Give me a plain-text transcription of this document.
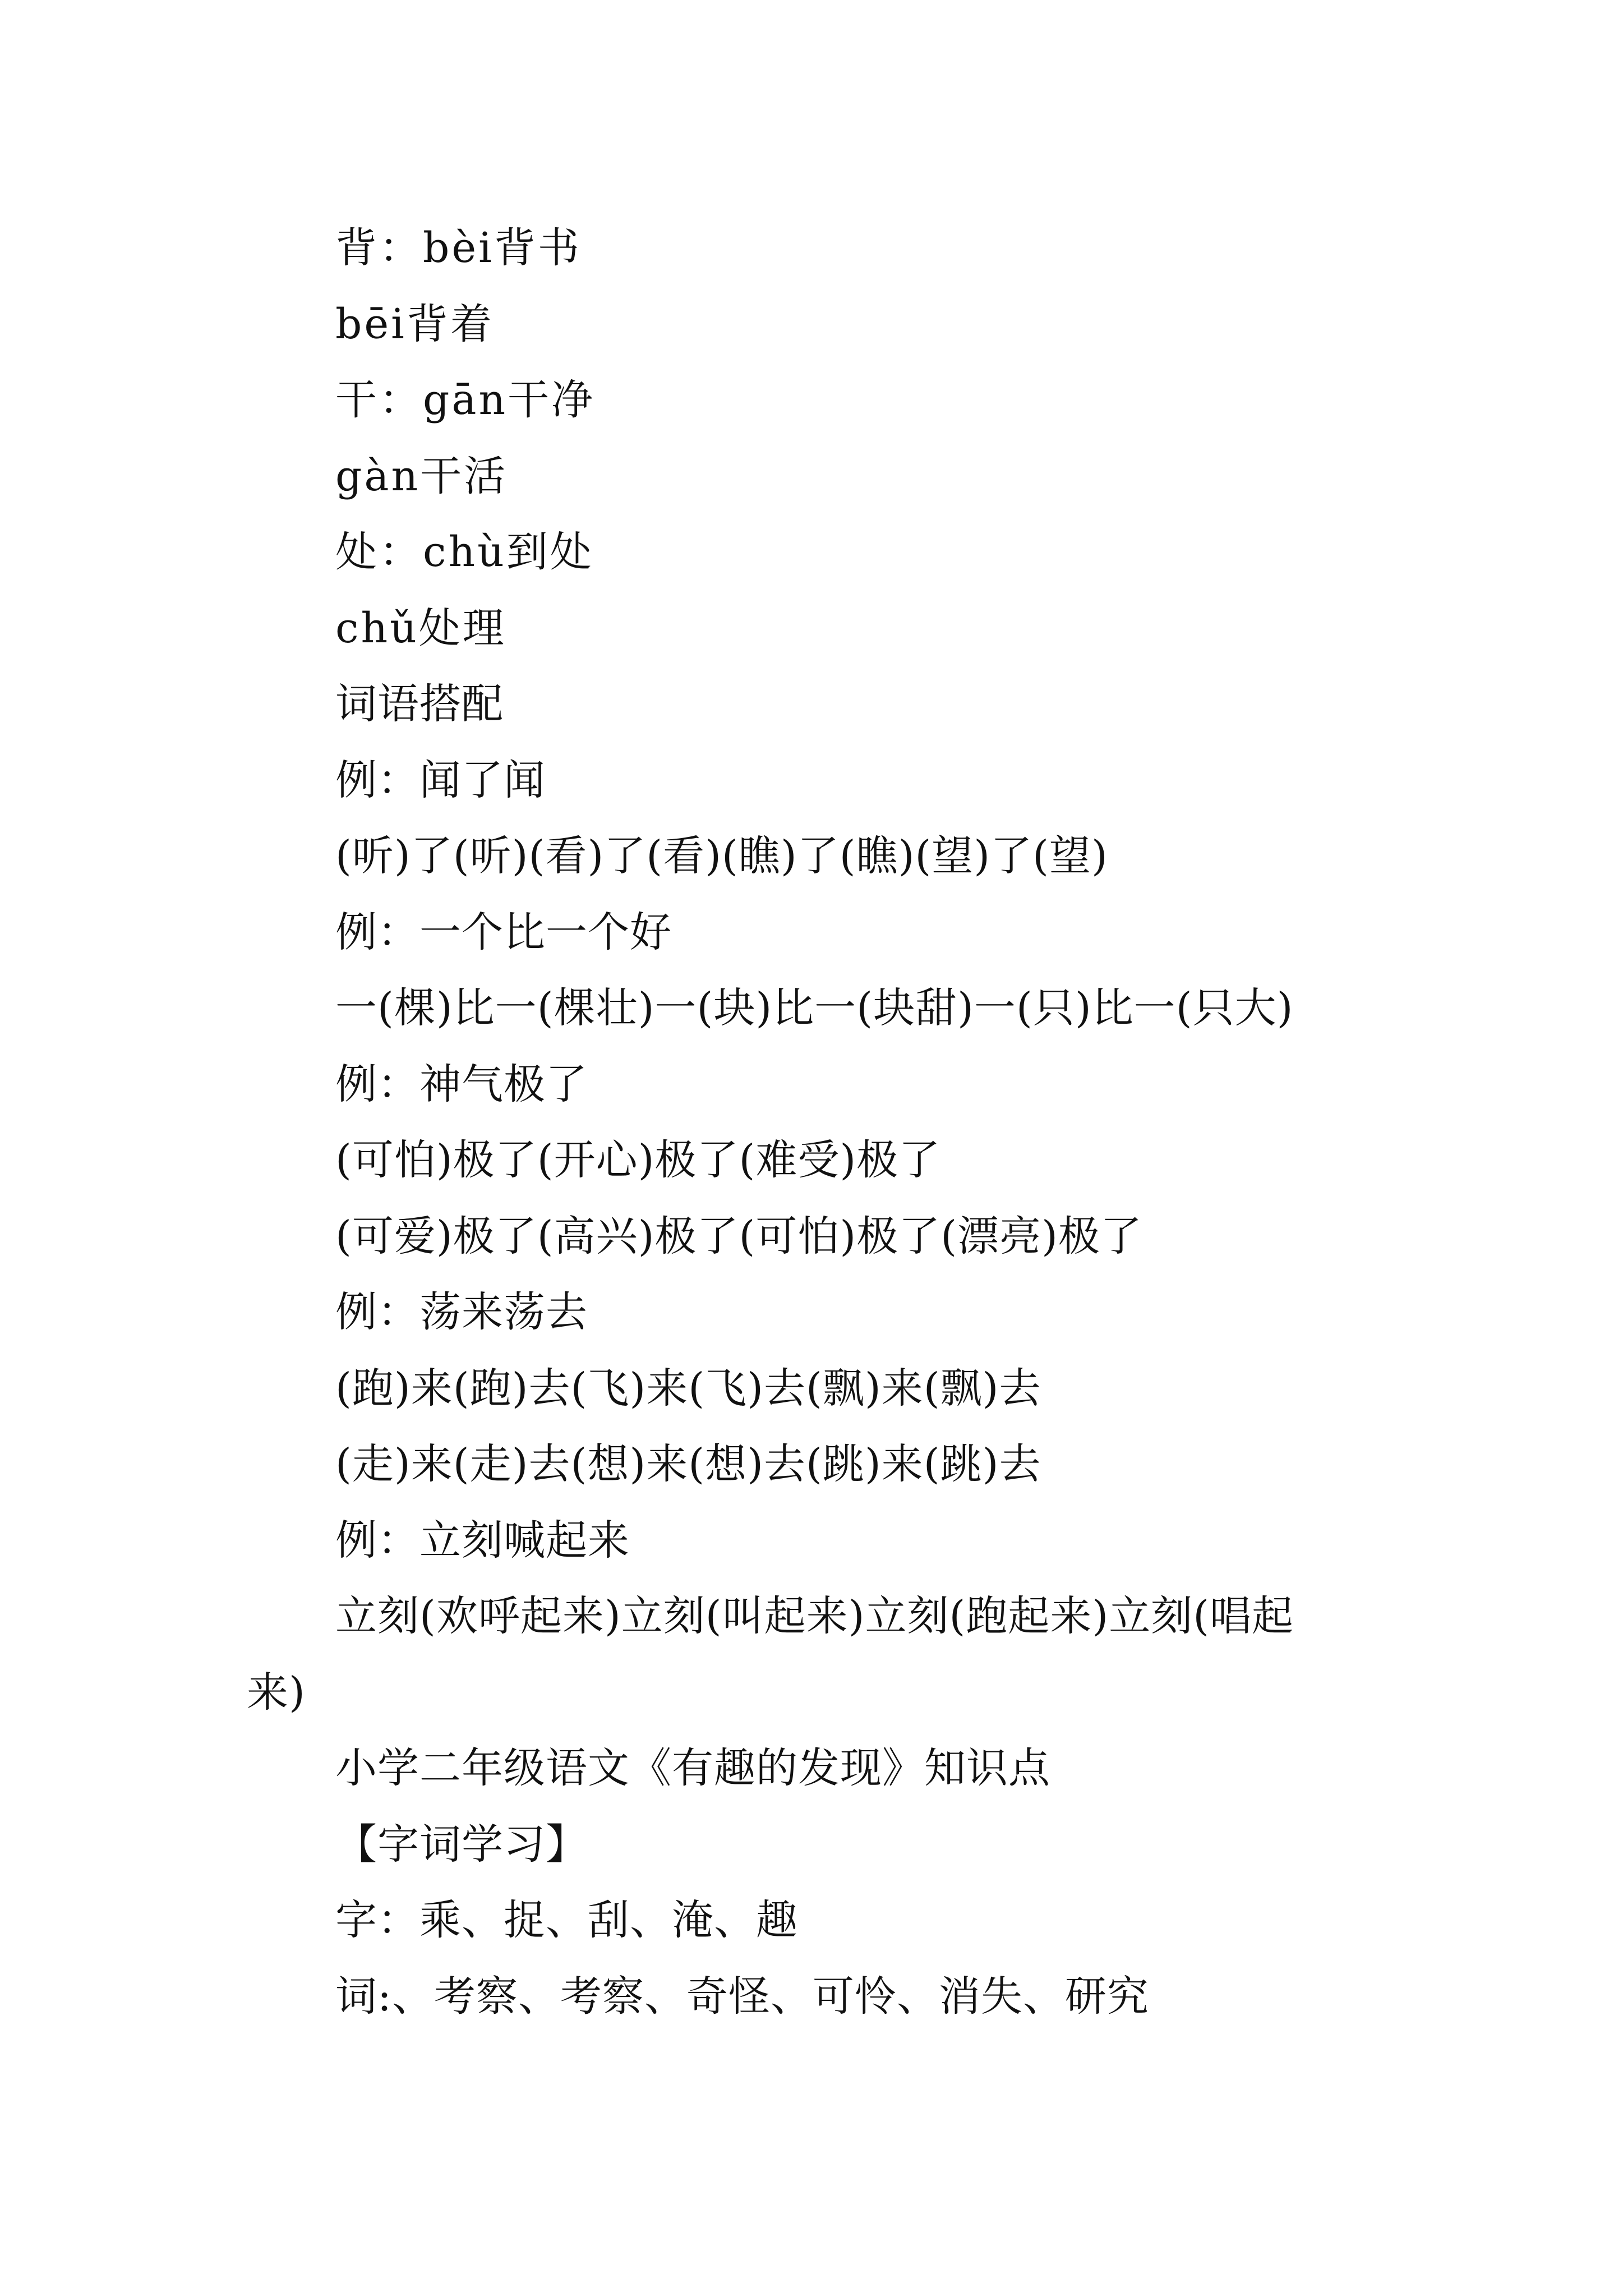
背：bèi背书
bēi背着
干：gān干净
gàn干活
处：chù到处
chǔ处理
词语搭配
例：闻了闻
(听)了(听)(看)了(看)(瞧)了(瞧)(望)了(望)
例：一个比一个好
一(棵)比一(棵壮)一(块)比一(块甜)一(只)比一(只大)
例：神气极了
(可怕)极了(开心)极了(难受)极了
(可爱)极了(高兴)极了(可怕)极了(漂亮)极了
例：荡来荡去
(跑)来(跑)去(飞)来(飞)去(飘)来(飘)去
(走)来(走)去(想)来(想)去(跳)来(跳)去
例：立刻喊起来
立刻(欢呼起来)立刻(叫起来)立刻(跑起来)立刻(唱起
来)
小学二年级语文《有趣的发现》知识点
【字词学习】
字：乘、捉、刮、淹、趣
词:、考察、考察、奇怪、可怜、消失、研究
